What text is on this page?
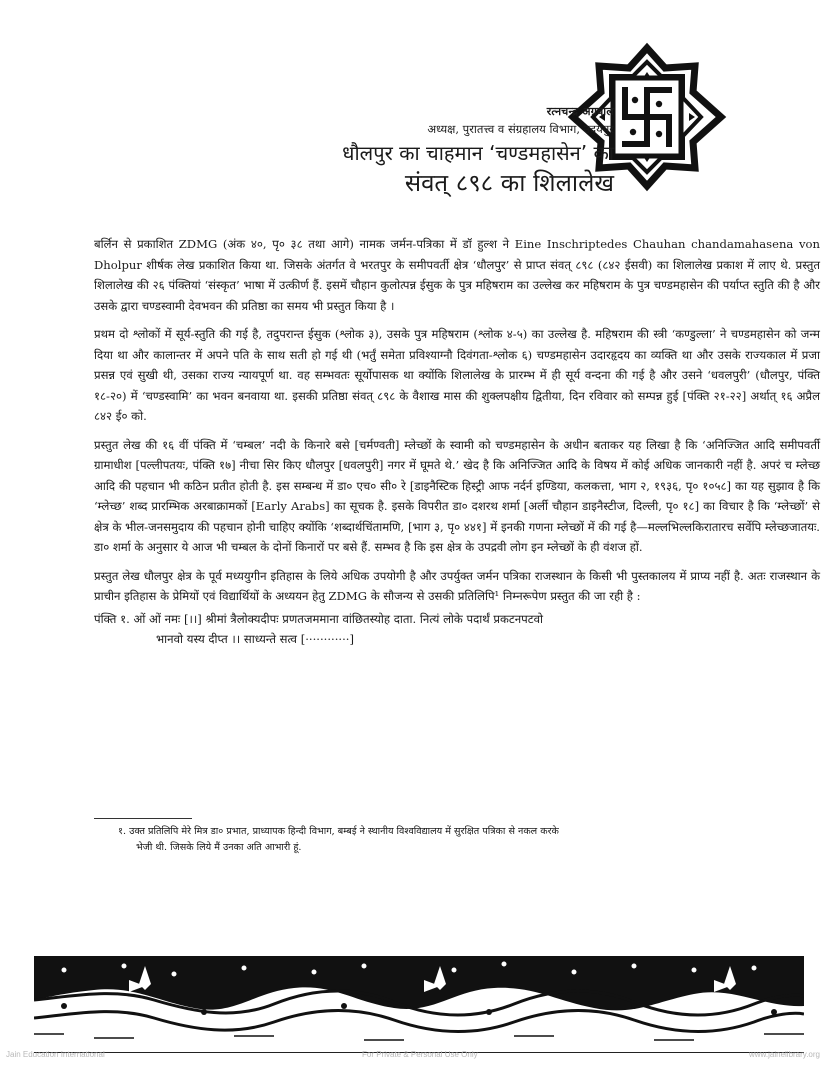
रत्नचन्द्र अग्रवाल
अध्यक्ष, पुरातत्त्व व संग्रहालय विभाग, उदयपुर
धौलपुर का चाहमान ‘चण्डमहासेन’ का
संवत् ८९८ का शिलालेख

बर्लिन से प्रकाशित ZDMG (अंक ४०, पृ० ३८ तथा आगे) नामक जर्मन-पत्रिका में डॉ हुल्श ने Eine Inschriptedes Chauhan chandamahasena von Dholpur शीर्षक लेख प्रकाशित किया था. जिसके अंतर्गत वे भरतपुर के समीपवर्ती क्षेत्र ‘धौलपुर’ से प्राप्त संवत् ८९८ (८४२ ईसवी) का शिलालेख प्रकाश में लाए थे. प्रस्तुत शिलालेख की २६ पंक्तियां ‘संस्कृत’ भाषा में उत्कीर्ण हैं. इसमें चौहान कुलोत्पन्न ईसुक के पुत्र महिषराम का उल्लेख कर महिषराम के पुत्र चण्डमहासेन की पर्याप्त स्तुति की है और उसके द्वारा चण्डस्वामी देवभवन की प्रतिष्ठा का समय भी प्रस्तुत किया है ।

प्रथम दो श्लोकों में सूर्य-स्तुति की गई है, तदुपरान्त ईसुक (श्लोक ३), उसके पुत्र महिषराम (श्लोक ४-५) का उल्लेख है. महिषराम की स्त्री ‘कण्डुल्ला’ ने चण्डमहासेन को जन्म दिया था और कालान्तर में अपने पति के साथ सती हो गई थी (भर्तुं समेता प्रविश्याग्नौ दिवंगता-श्लोक ६) चण्डमहासेन उदारहृदय का व्यक्ति था और उसके राज्यकाल में प्रजा प्रसन्न एवं सुखी थी, उसका राज्य न्यायपूर्ण था. वह सम्भवतः सूर्योपासक था क्योंकि शिलालेख के प्रारम्भ में ही सूर्य वन्दना की गई है और उसने ‘धवलपुरी’ (धौलपुर, पंक्ति १८-२०) में ‘चण्डस्वामि’ का भवन बनवाया था. इसकी प्रतिष्ठा संवत् ८९८ के वैशाख मास की शुक्लपक्षीय द्वितीया, दिन रविवार को सम्पन्न हुई [पंक्ति २१-२२] अर्थात् १६ अप्रैल ८४२ ई० को.

प्रस्तुत लेख की १६ वीं पंक्ति में ‘चम्बल’ नदी के किनारे बसे [चर्मण्वती] म्लेच्छों के स्वामी को चण्डमहासेन के अधीन बताकर यह लिखा है कि ‘अनिज्जित आदि समीपवर्ती ग्रामाधीश [पल्लीपतयः, पंक्ति १७] नीचा सिर किए धौलपुर [धवलपुरी] नगर में घूमते थे.’ खेद है कि अनिज्जित आदि के विषय में कोई अधिक जानकारी नहीं है. अपरं च म्लेच्छ आदि की पहचान भी कठिन प्रतीत होती है. इस सम्बन्ध में डा० एच० सी० रे [डाइनैस्टिक हिस्ट्री आफ नर्दर्न इण्डिया, कलकत्ता, भाग २, १९३६, पृ० १०५८] का यह सुझाव है कि ‘म्लेच्छ’ शब्द प्रारम्भिक अरबाक्रामकों [Early Arabs] का सूचक है. इसके विपरीत डा० दशरथ शर्मा [अर्ली चौहान डाइनैस्टीज, दिल्ली, पृ० १८] का विचार है कि ‘म्लेच्छों’ से क्षेत्र के भील-जनसमुदाय की पहचान होनी चाहिए क्योंकि ‘शब्दार्थचिंतामणि, [भाग ३, पृ० ४४१] में इनकी गणना म्लेच्छों में की गई है—मल्लभिल्लकिरातारच सर्वेपि म्लेच्छजातयः. डा० शर्मा के अनुसार ये आज भी चम्बल के दोनों किनारों पर बसे हैं. सम्भव है कि इस क्षेत्र के उपद्रवी लोग इन म्लेच्छों के ही वंशज हों.

प्रस्तुत लेख धौलपुर क्षेत्र के पूर्व मध्ययुगीन इतिहास के लिये अधिक उपयोगी है और उपर्युक्त जर्मन पत्रिका राजस्थान के किसी भी पुस्तकालय में प्राप्य नहीं है. अतः राजस्थान के प्राचीन इतिहास के प्रेमियों एवं विद्यार्थियों के अध्ययन हेतु ZDMG के सौजन्य से उसकी प्रतिलिपि¹ निम्नरूपेण प्रस्तुत की जा रही है :

पंक्ति १. ओं ओं नमः [।।] श्रीमां त्रैलोक्यदीपः प्रणतजममाना वांछितस्योह दाता. नित्यं लोके पदार्थं प्रकटनपटवो
भानवो यस्य दीप्त ।। साध्यन्ते सत्व [············]
१. उक्त प्रतिलिपि मेरे मित्र डा० प्रभात, प्राध्यापक हिन्दी विभाग, बम्बई ने स्थानीय विश्वविद्यालय में सुरक्षित पत्रिका से नकल करके
भेजी थी. जिसके लिये मैं उनका अति आभारी हूं.
Jain Education International	For Private & Personal Use Only	www.jainelibrary.org
